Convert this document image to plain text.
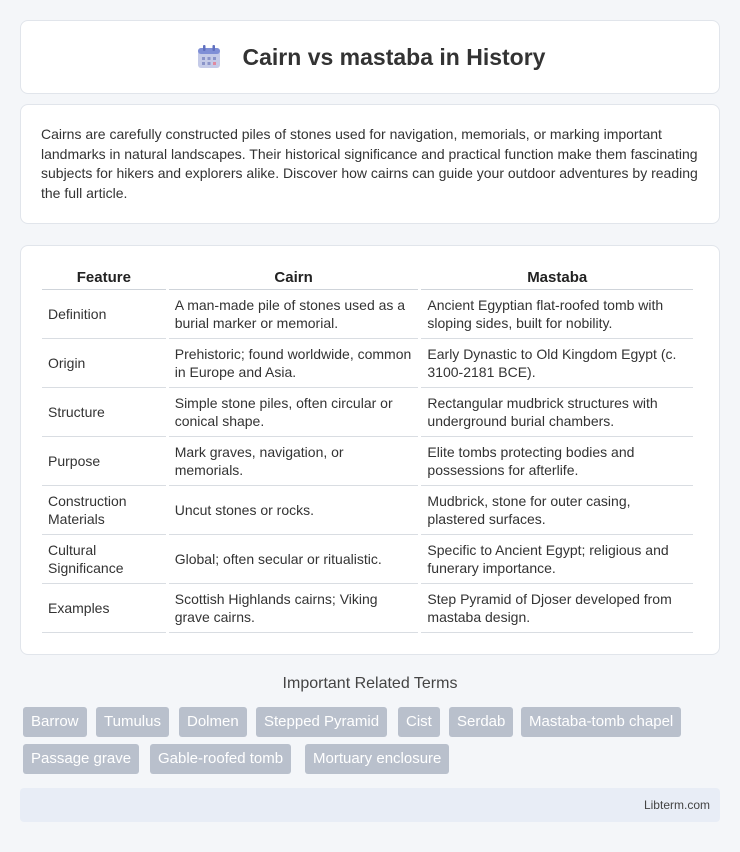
Cairn vs mastaba in History

Cairns are carefully constructed piles of stones used for navigation, memorials, or marking important landmarks in natural landscapes. Their historical significance and practical function make them fascinating subjects for hikers and explorers alike. Discover how cairns can guide your outdoor adventures by reading the full article.

Feature	Cairn	Mastaba
Definition	A man-made pile of stones used as a burial marker or memorial.	Ancient Egyptian flat-roofed tomb with sloping sides, built for nobility.
Origin	Prehistoric; found worldwide, common in Europe and Asia.	Early Dynastic to Old Kingdom Egypt (c. 3100-2181 BCE).
Structure	Simple stone piles, often circular or conical shape.	Rectangular mudbrick structures with underground burial chambers.
Purpose	Mark graves, navigation, or memorials.	Elite tombs protecting bodies and possessions for afterlife.
Construction Materials	Uncut stones or rocks.	Mudbrick, stone for outer casing, plastered surfaces.
Cultural Significance	Global; often secular or ritualistic.	Specific to Ancient Egypt; religious and funerary importance.
Examples	Scottish Highlands cairns; Viking grave cairns.	Step Pyramid of Djoser developed from mastaba design.
Important Related Terms
Barrow	Tumulus	Dolmen	Stepped Pyramid	Cist	Serdab	Mastaba-tomb chapel
Passage grave	Gable-roofed tomb	Mortuary enclosure
Libterm.com
